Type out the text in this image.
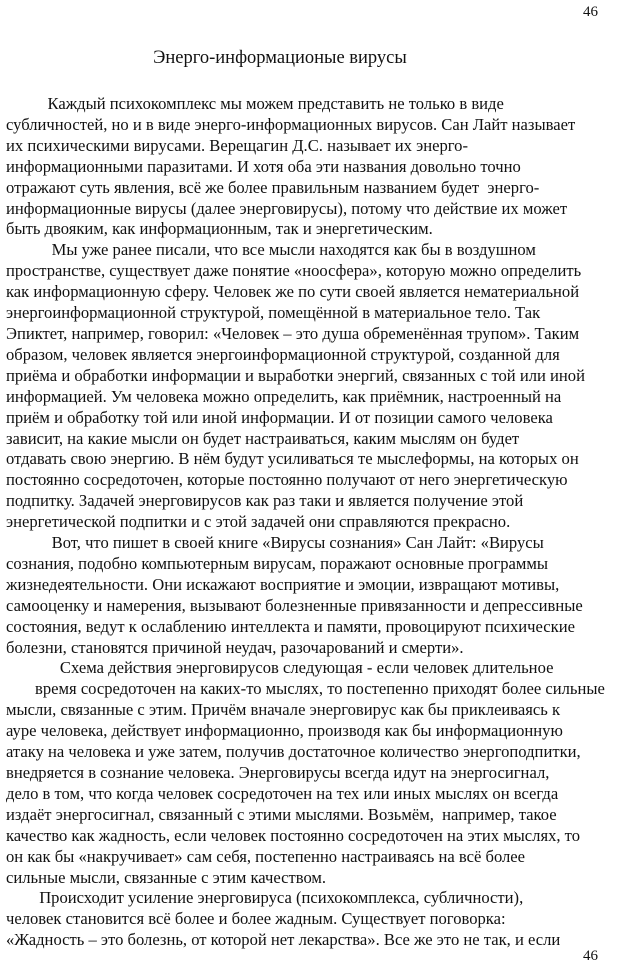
46
Энерго-информационые вирусы
Каждый психокомплекс мы можем представить не только в виде
субличностей, но и в виде энерго-информационных вирусов. Сан Лайт называет
их психическими вирусами. Верещагин Д.С. называет их энерго-
информационными паразитами. И хотя оба эти названия довольно точно
отражают суть явления, всё же более правильным названием будет  энерго-
информационные вирусы (далее энерговирусы), потому что действие их может
быть двояким, как информационным, так и энергетическим.
Мы уже ранее писали, что все мысли находятся как бы в воздушном
пространстве, существует даже понятие «ноосфера», которую можно определить
как информационную сферу. Человек же по сути своей является нематериальной
энергоинформационной структурой, помещённой в материальное тело. Так
Эпиктет, например, говорил: «Человек – это душа обременённая трупом». Таким
образом, человек является энергоинформационной структурой, созданной для
приёма и обработки информации и выработки энергий, связанных с той или иной
информацией. Ум человека можно определить, как приёмник, настроенный на
приём и обработку той или иной информации. И от позиции самого человека
зависит, на какие мысли он будет настраиваться, каким мыслям он будет
отдавать свою энергию. В нём будут усиливаться те мыслеформы, на которых он
постоянно сосредоточен, которые постоянно получают от него энергетическую
подпитку. Задачей энерговирусов как раз таки и является получение этой
энергетической подпитки и с этой задачей они справляются прекрасно.
Вот, что пишет в своей книге «Вирусы сознания» Сан Лайт: «Вирусы
сознания, подобно компьютерным вирусам, поражают основные программы
жизнедеятельности. Они искажают восприятие и эмоции, извращают мотивы,
самооценку и намерения, вызывают болезненные привязанности и депрессивные
состояния, ведут к ослаблению интеллекта и памяти, провоцируют психические
болезни, становятся причиной неудач, разочарований и смерти».
Схема действия энерговирусов следующая - если человек длительное
время сосредоточен на каких-то мыслях, то постепенно приходят более сильные
мысли, связанные с этим. Причём вначале энерговирус как бы приклеиваясь к
ауре человека, действует информационно, производя как бы информационную
атаку на человека и уже затем, получив достаточное количество энергоподпитки,
внедряется в сознание человека. Энерговирусы всегда идут на энергосигнал,
дело в том, что когда человек сосредоточен на тех или иных мыслях он всегда
издаёт энергосигнал, связанный с этими мыслями. Возьмём,  например, такое
качество как жадность, если человек постоянно сосредоточен на этих мыслях, то
он как бы «накручивает» сам себя, постепенно настраиваясь на всё более
сильные мысли, связанные с этим качеством.
Происходит усиление энерговируса (психокомплекса, субличности),
человек становится всё более и более жадным. Существует поговорка:
«Жадность – это болезнь, от которой нет лекарства». Все же это не так, и если
46
